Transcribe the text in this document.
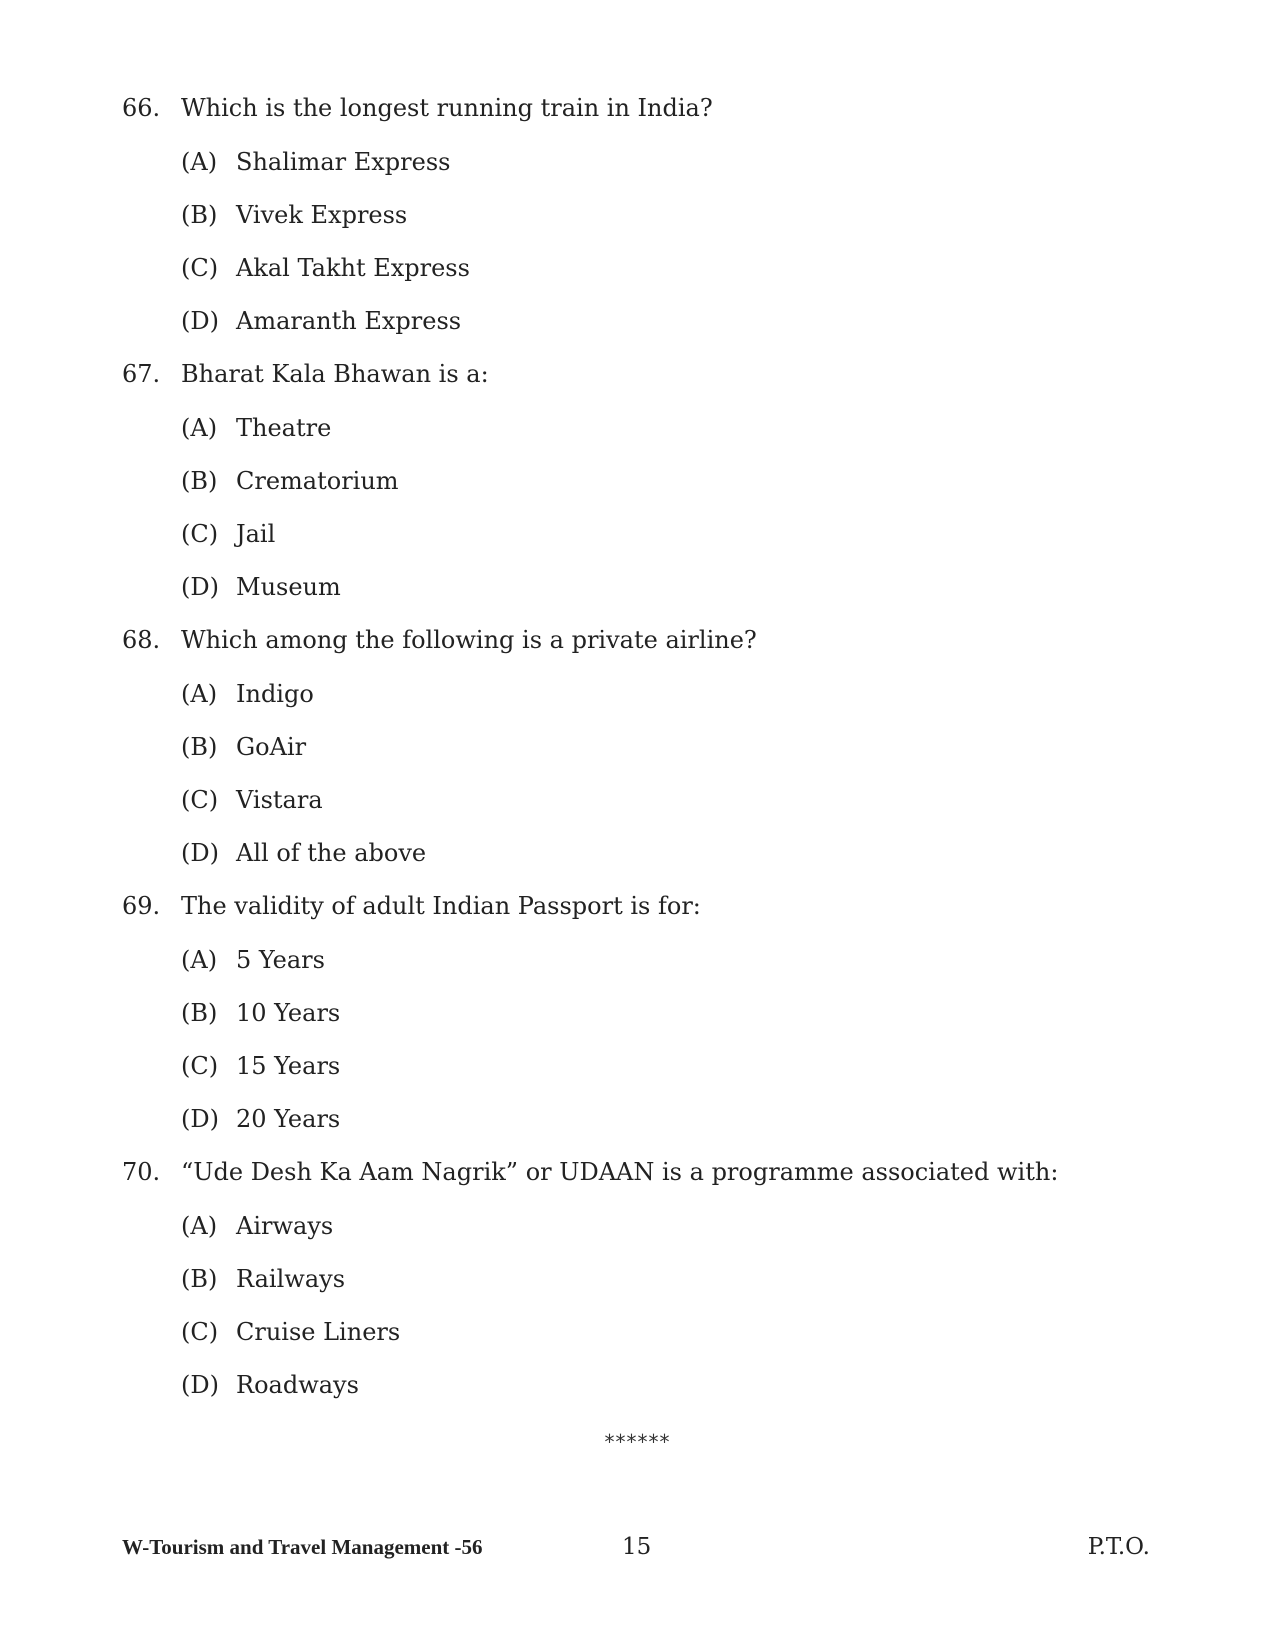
66. Which is the longest running train in India?
(A) Shalimar Express
(B) Vivek Express
(C) Akal Takht Express
(D) Amaranth Express
67. Bharat Kala Bhawan is a:
(A) Theatre
(B) Crematorium
(C) Jail
(D) Museum
68. Which among the following is a private airline?
(A) Indigo
(B) GoAir
(C) Vistara
(D) All of the above
69. The validity of adult Indian Passport is for:
(A) 5 Years
(B) 10 Years
(C) 15 Years
(D) 20 Years
70. “Ude Desh Ka Aam Nagrik” or UDAAN is a programme associated with:
(A) Airways
(B) Railways
(C) Cruise Liners
(D) Roadways
******
W-Tourism and Travel Management -56	15	P.T.O.
